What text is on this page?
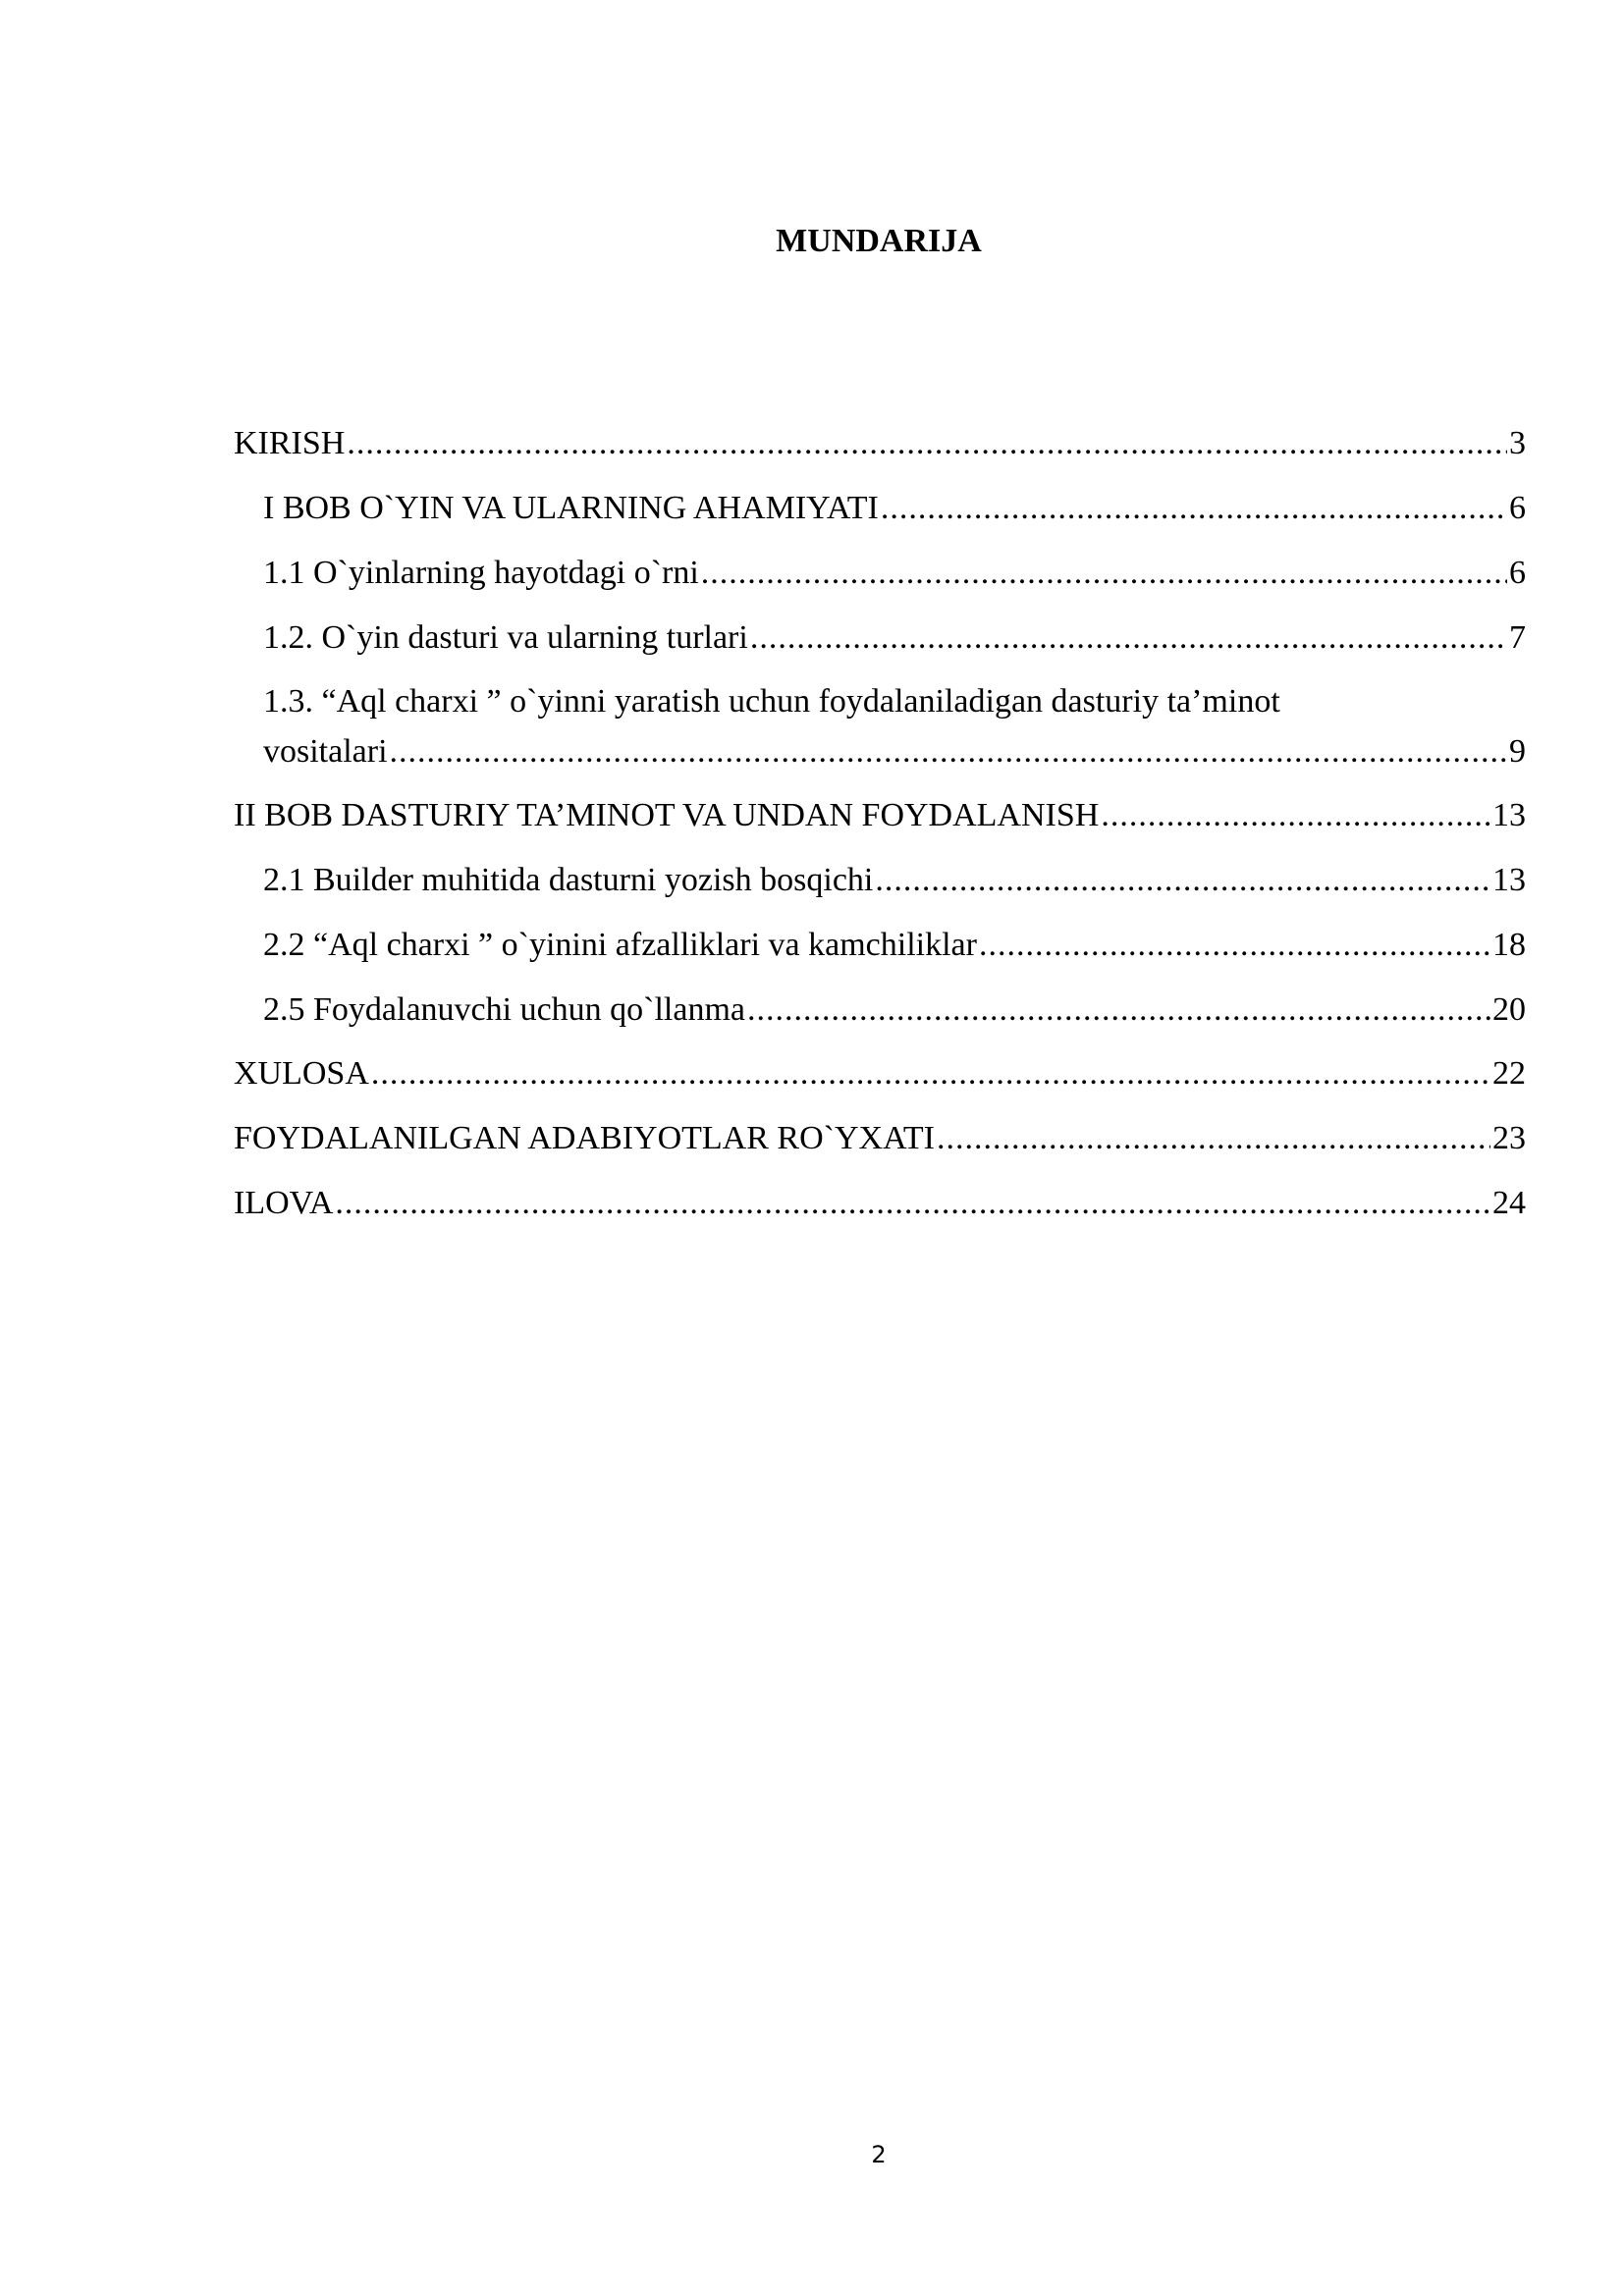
MUNDARIJA
KIRISH .....	3
I BOB O`YIN VA ULARNING AHAMIYATI .....	6
1.1 O`yinlarning hayotdagi o`rni .....	6
1.2. O`yin dasturi va ularning turlari .....	7
1.3. “Aql charxi ” o`yinni yaratish uchun foydalaniladigan dasturiy ta’minot
vositalari .....	9
II BOB DASTURIY TA’MINOT VA UNDAN FOYDALANISH .....	13
2.1 Builder muhitida dasturni yozish bosqichi .....	13
2.2 “Aql charxi ” o`yinini afzalliklari va kamchiliklar .....	18
2.5 Foydalanuvchi uchun qo`llanma .....	20
XULOSA .....	22
FOYDALANILGAN ADABIYOTLAR RO`YXATI .....	23
ILOVA .....	24
2
